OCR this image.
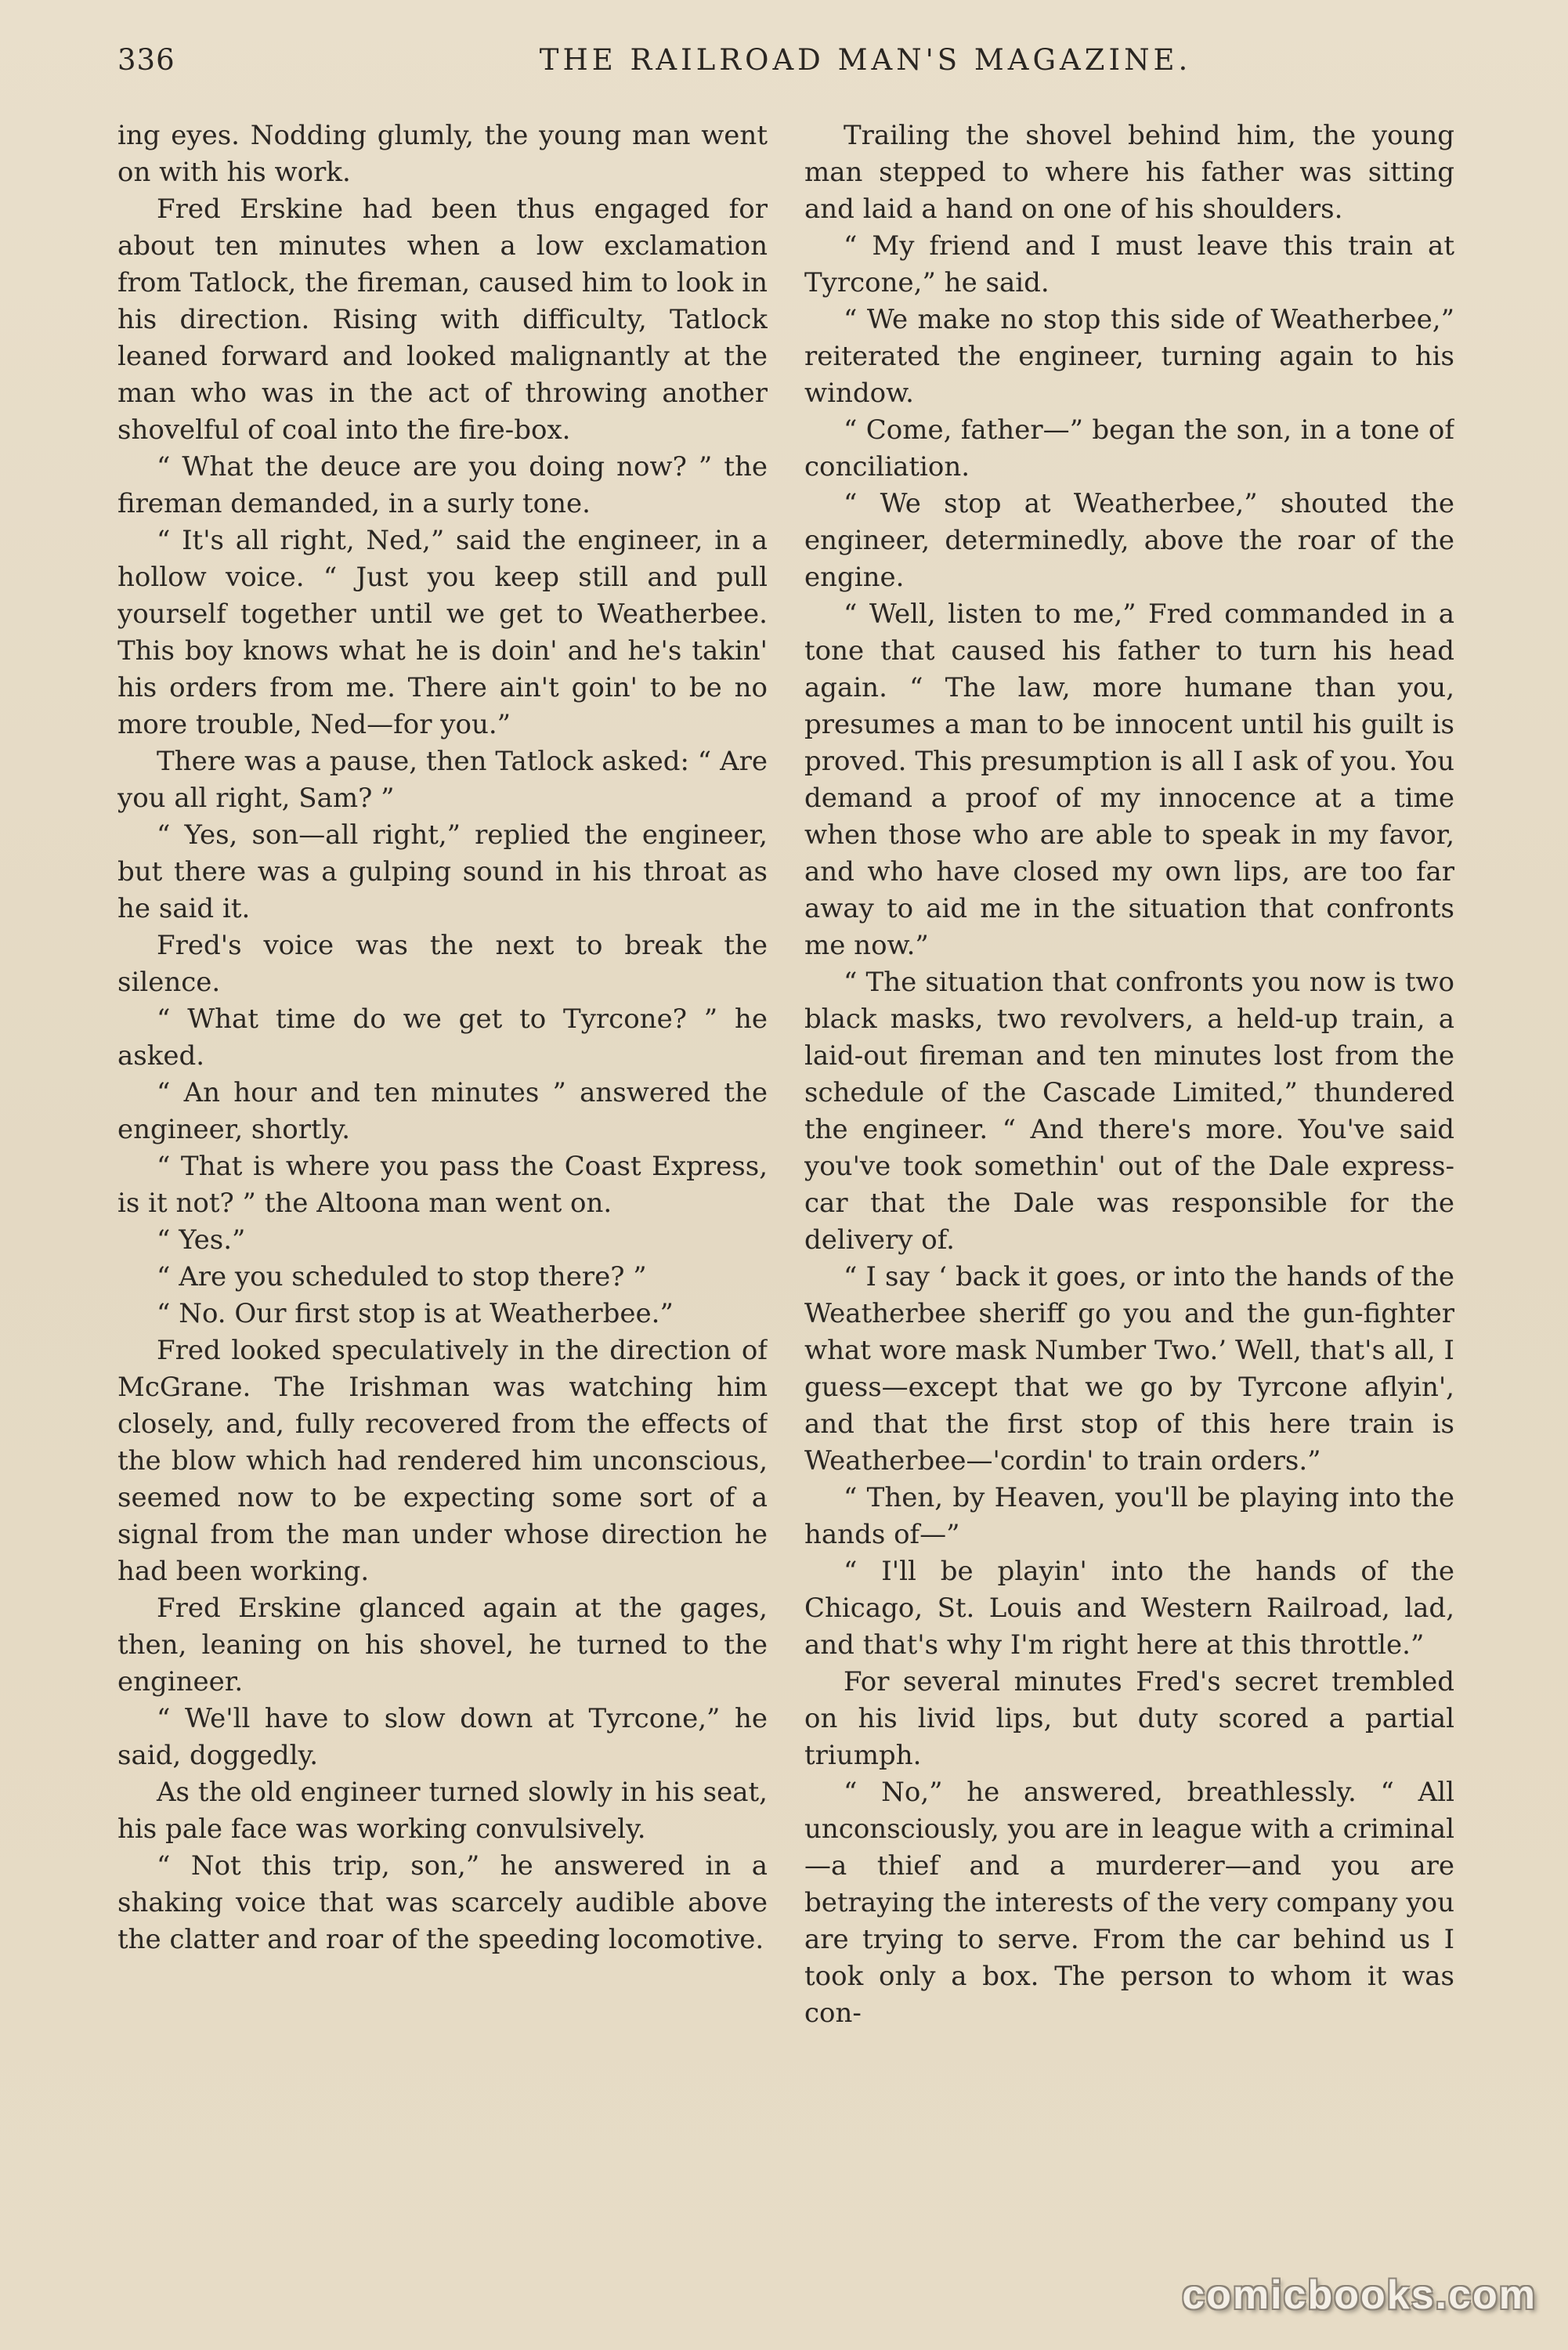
336	THE RAILROAD MAN'S MAGAZINE.

ing eyes. Nodding glumly, the young man went on with his work.

Fred Erskine had been thus engaged for about ten minutes when a low exclamation from Tatlock, the fireman, caused him to look in his direction. Rising with difficulty, Tatlock leaned forward and looked malignantly at the man who was in the act of throwing another shovelful of coal into the fire-box.

“ What the deuce are you doing now? ” the fireman demanded, in a surly tone.

“ It's all right, Ned,” said the engineer, in a hollow voice. “ Just you keep still and pull yourself together until we get to Weatherbee. This boy knows what he is doin' and he's takin' his orders from me. There ain't goin' to be no more trouble, Ned—for you.”

There was a pause, then Tatlock asked: “ Are you all right, Sam? ”

“ Yes, son—all right,” replied the engineer, but there was a gulping sound in his throat as he said it.

Fred's voice was the next to break the silence.

“ What time do we get to Tyrcone? ” he asked.

“ An hour and ten minutes ” answered the engineer, shortly.

“ That is where you pass the Coast Express, is it not? ” the Altoona man went on.

“ Yes.”

“ Are you scheduled to stop there? ”

“ No. Our first stop is at Weatherbee.”

Fred looked speculatively in the direction of McGrane. The Irishman was watching him closely, and, fully recovered from the effects of the blow which had rendered him unconscious, seemed now to be expecting some sort of a signal from the man under whose direction he had been working.

Fred Erskine glanced again at the gages, then, leaning on his shovel, he turned to the engineer.

“ We'll have to slow down at Tyrcone,” he said, doggedly.

As the old engineer turned slowly in his seat, his pale face was working convulsively.

“ Not this trip, son,” he answered in a shaking voice that was scarcely audible above the clatter and roar of the speeding locomotive.

Trailing the shovel behind him, the young man stepped to where his father was sitting and laid a hand on one of his shoulders.

“ My friend and I must leave this train at Tyrcone,” he said.

“ We make no stop this side of Weatherbee,” reiterated the engineer, turning again to his window.

“ Come, father—” began the son, in a tone of conciliation.

“ We stop at Weatherbee,” shouted the engineer, determinedly, above the roar of the engine.

“ Well, listen to me,” Fred commanded in a tone that caused his father to turn his head again. “ The law, more humane than you, presumes a man to be innocent until his guilt is proved. This presumption is all I ask of you. You demand a proof of my innocence at a time when those who are able to speak in my favor, and who have closed my own lips, are too far away to aid me in the situation that confronts me now.”

“ The situation that confronts you now is two black masks, two revolvers, a held-up train, a laid-out fireman and ten minutes lost from the schedule of the Cascade Limited,” thundered the engineer. “ And there's more. You've said you've took somethin' out of the Dale express-car that the Dale was responsible for the delivery of.

“ I say ‘ back it goes, or into the hands of the Weatherbee sheriff go you and the gun-fighter what wore mask Number Two.’ Well, that's all, I guess—except that we go by Tyrcone aflyin', and that the first stop of this here train is Weatherbee—'cordin' to train orders.”

“ Then, by Heaven, you'll be playing into the hands of—”

“ I'll be playin' into the hands of the Chicago, St. Louis and Western Railroad, lad, and that's why I'm right here at this throttle.”

For several minutes Fred's secret trembled on his livid lips, but duty scored a partial triumph.

“ No,” he answered, breathlessly. “ All unconsciously, you are in league with a criminal—a thief and a murderer—and you are betraying the interests of the very company you are trying to serve. From the car behind us I took only a box. The person to whom it was con-

comicbooks.com
